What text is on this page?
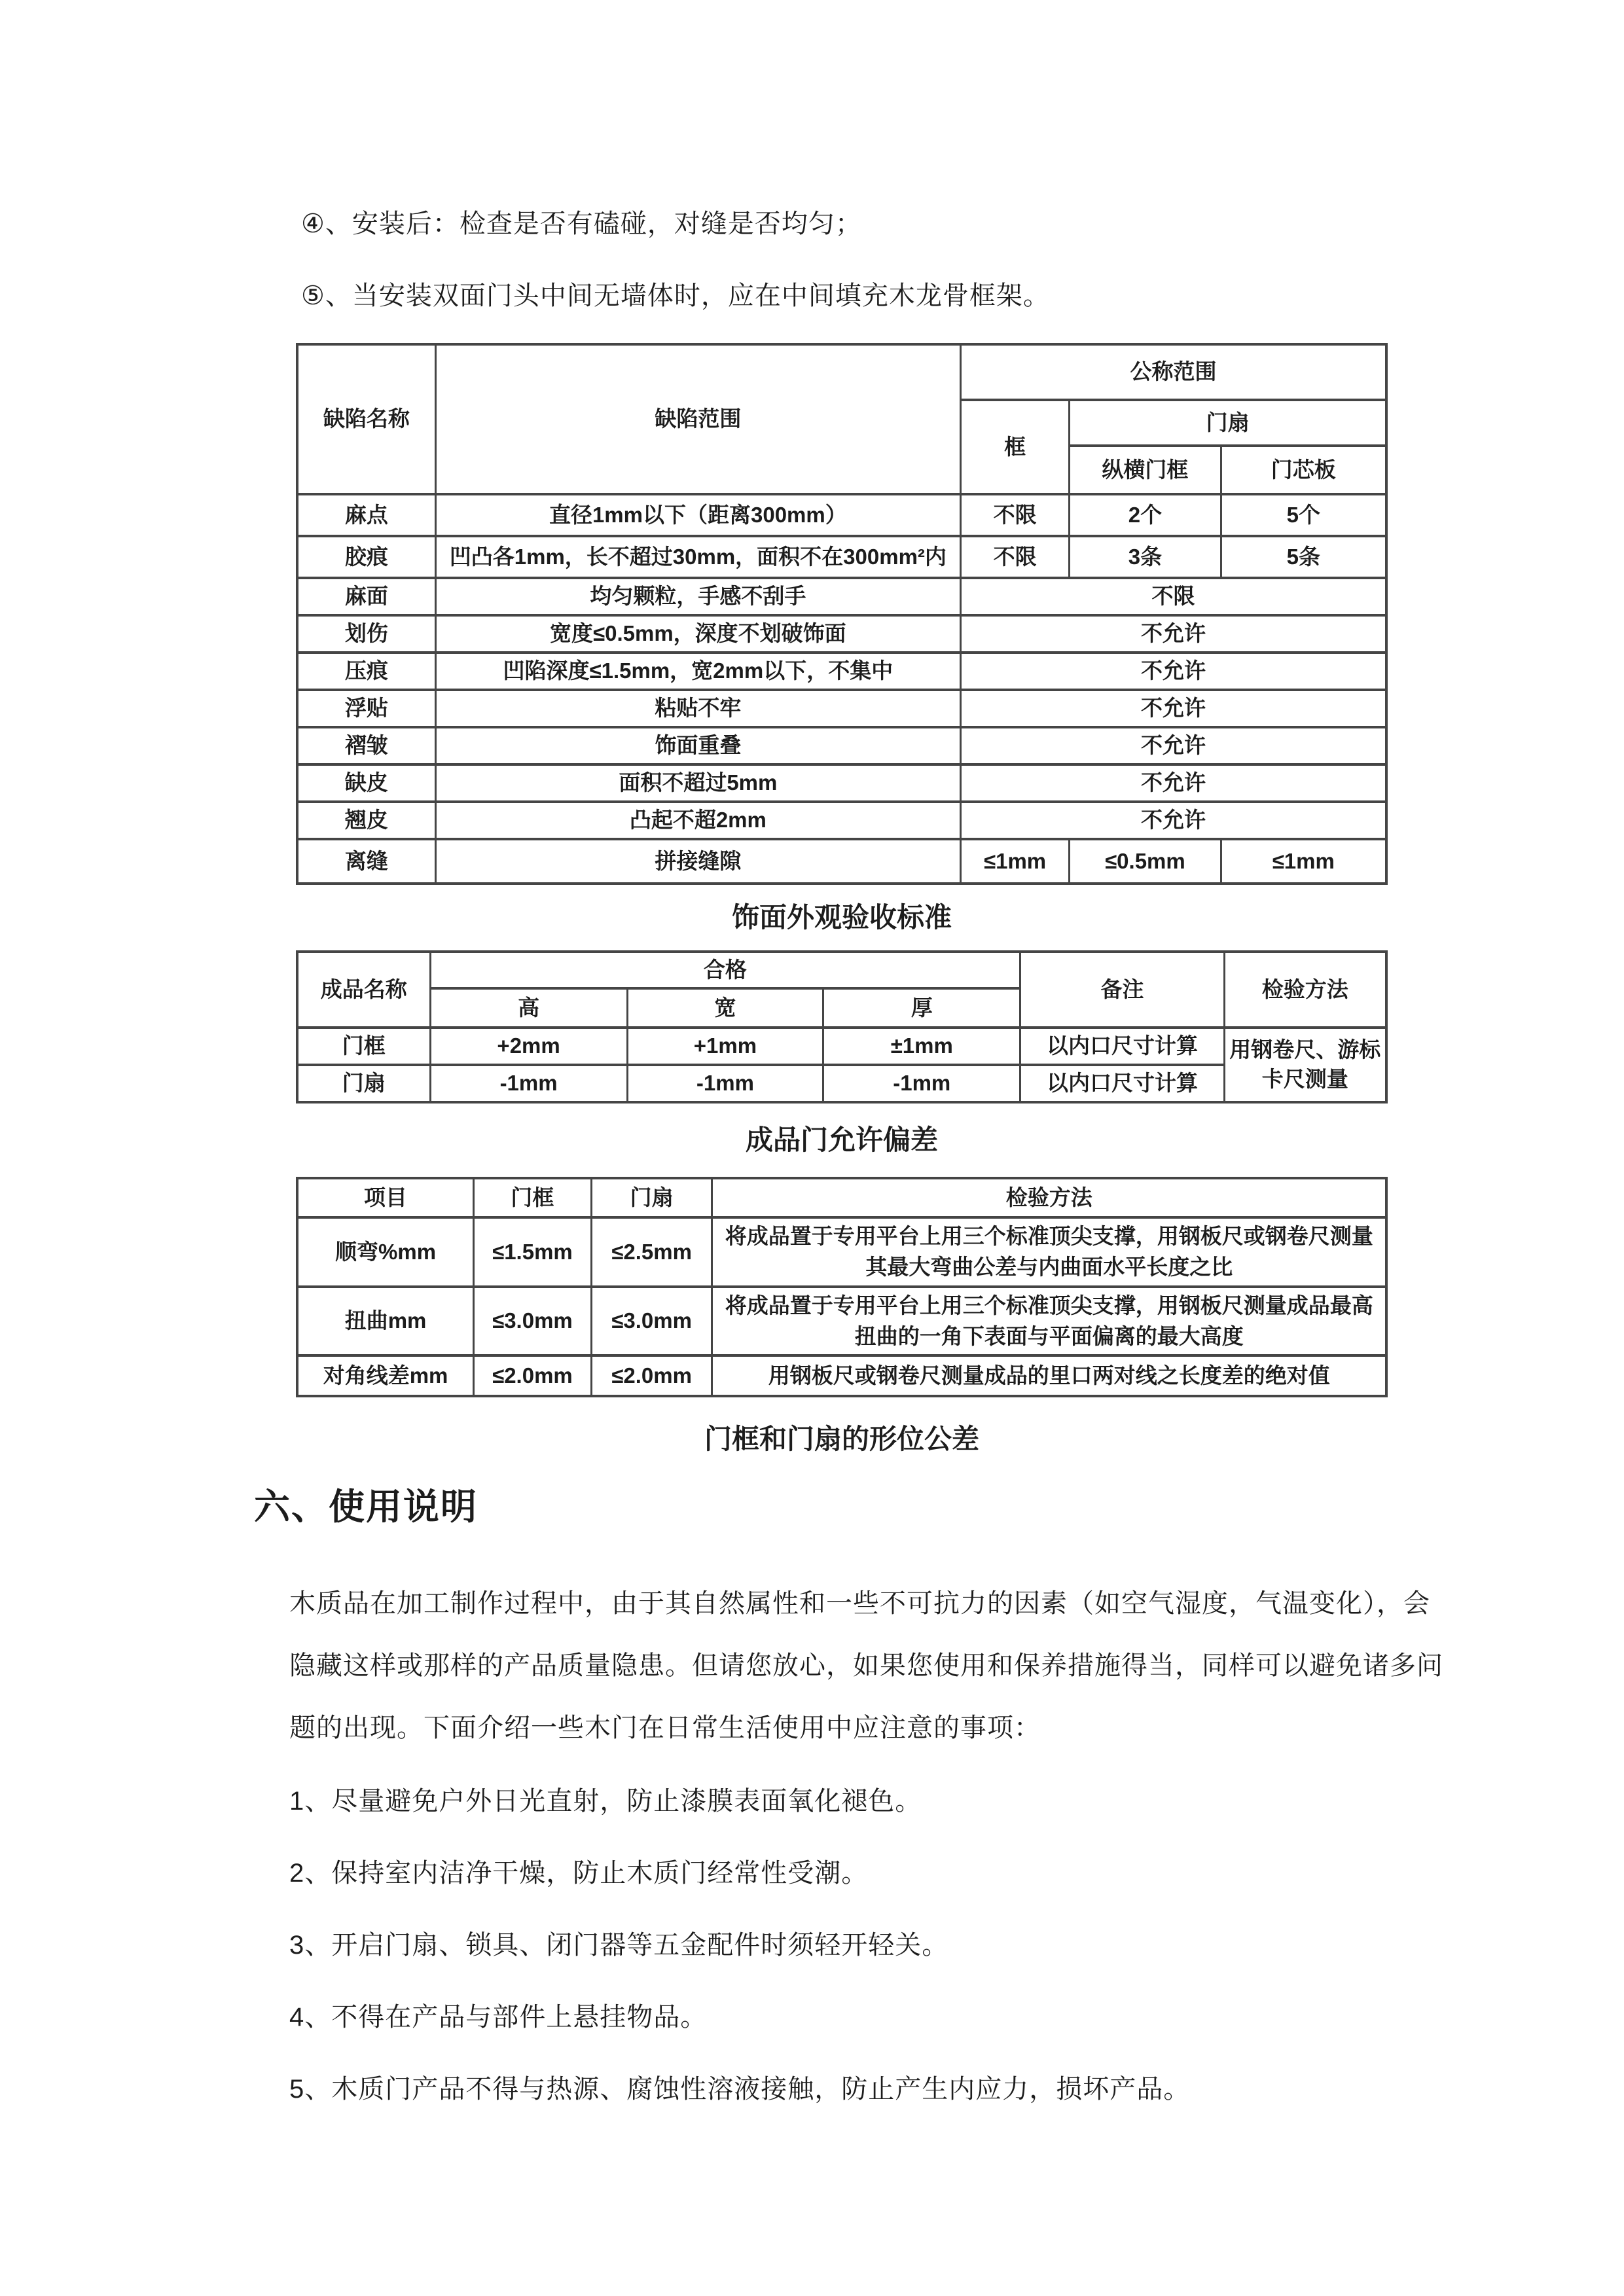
④、安装后：检查是否有磕碰，对缝是否均匀；

⑤、当安装双面门头中间无墙体时，应在中间填充木龙骨框架。

缺陷名称	缺陷范围	公称范围		
		框	门扇	
			纵横门框	门芯板
麻点	直径1mm以下（距离300mm）	不限	2个	5个
胶痕	凹凸各1mm，长不超过30mm，面积不在300mm²内	不限	3条	5条
麻面	均匀颗粒，手感不刮手	不限		
划伤	宽度≤0.5mm，深度不划破饰面	不允许		
压痕	凹陷深度≤1.5mm，宽2mm以下，不集中	不允许		
浮贴	粘贴不牢	不允许		
褶皱	饰面重叠	不允许		
缺皮	面积不超过5mm	不允许		
翘皮	凸起不超2mm	不允许		
离缝	拼接缝隙	≤1mm	≤0.5mm	≤1mm
饰面外观验收标准
成品名称	合格			备注	检验方法
	高	宽	厚		
门框	+2mm	+1mm	±1mm	以内口尺寸计算	用钢卷尺、游标卡尺测量
门扇	-1mm	-1mm	-1mm	以内口尺寸计算	
成品门允许偏差
项目	门框	门扇	检验方法
顺弯%mm	≤1.5mm	≤2.5mm	将成品置于专用平台上用三个标准顶尖支撑，用钢板尺或钢卷尺测量其最大弯曲公差与内曲面水平长度之比
扭曲mm	≤3.0mm	≤3.0mm	将成品置于专用平台上用三个标准顶尖支撑，用钢板尺测量成品最高扭曲的一角下表面与平面偏离的最大高度
对角线差mm	≤2.0mm	≤2.0mm	用钢板尺或钢卷尺测量成品的里口两对线之长度差的绝对值
门框和门扇的形位公差
六、使用说明
木质品在加工制作过程中，由于其自然属性和一些不可抗力的因素（如空气湿度，气温变化），会
隐藏这样或那样的产品质量隐患。但请您放心，如果您使用和保养措施得当，同样可以避免诸多问
题的出现。下面介绍一些木门在日常生活使用中应注意的事项：
1、尽量避免户外日光直射，防止漆膜表面氧化褪色。
2、保持室内洁净干燥，防止木质门经常性受潮。
3、开启门扇、锁具、闭门器等五金配件时须轻开轻关。
4、不得在产品与部件上悬挂物品。
5、木质门产品不得与热源、腐蚀性溶液接触，防止产生内应力，损坏产品。
